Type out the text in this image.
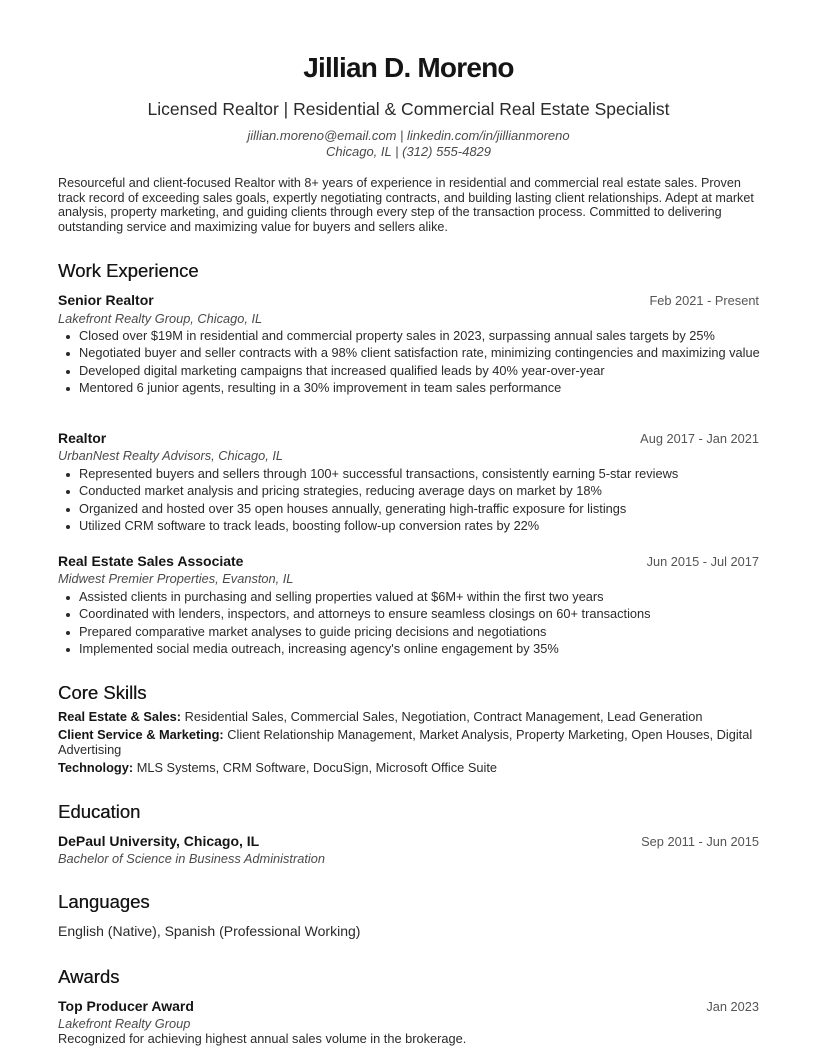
Jillian D. Moreno
Licensed Realtor | Residential & Commercial Real Estate Specialist
jillian.moreno@email.com | linkedin.com/in/jillianmoreno
Chicago, IL | (312) 555-4829

Resourceful and client-focused Realtor with 8+ years of experience in residential and commercial real estate sales. Proven track record of exceeding sales goals, expertly negotiating contracts, and building lasting client relationships. Adept at market analysis, property marketing, and guiding clients through every step of the transaction process. Committed to delivering outstanding service and maximizing value for buyers and sellers alike.

Work Experience
Senior Realtor	Feb 2021 - Present
Lakefront Realty Group, Chicago, IL
Closed over $19M in residential and commercial property sales in 2023, surpassing annual sales targets by 25%
Negotiated buyer and seller contracts with a 98% client satisfaction rate, minimizing contingencies and maximizing value
Developed digital marketing campaigns that increased qualified leads by 40% year-over-year
Mentored 6 junior agents, resulting in a 30% improvement in team sales performance
Realtor	Aug 2017 - Jan 2021
UrbanNest Realty Advisors, Chicago, IL
Represented buyers and sellers through 100+ successful transactions, consistently earning 5-star reviews
Conducted market analysis and pricing strategies, reducing average days on market by 18%
Organized and hosted over 35 open houses annually, generating high-traffic exposure for listings
Utilized CRM software to track leads, boosting follow-up conversion rates by 22%
Real Estate Sales Associate	Jun 2015 - Jul 2017
Midwest Premier Properties, Evanston, IL
Assisted clients in purchasing and selling properties valued at $6M+ within the first two years
Coordinated with lenders, inspectors, and attorneys to ensure seamless closings on 60+ transactions
Prepared comparative market analyses to guide pricing decisions and negotiations
Implemented social media outreach, increasing agency's online engagement by 35%
Core Skills
Real Estate & Sales: Residential Sales, Commercial Sales, Negotiation, Contract Management, Lead Generation
Client Service & Marketing: Client Relationship Management, Market Analysis, Property Marketing, Open Houses, Digital Advertising
Technology: MLS Systems, CRM Software, DocuSign, Microsoft Office Suite
Education
DePaul University, Chicago, IL	Sep 2011 - Jun 2015
Bachelor of Science in Business Administration
Languages
English (Native), Spanish (Professional Working)
Awards
Top Producer Award	Jan 2023
Lakefront Realty Group
Recognized for achieving highest annual sales volume in the brokerage.
